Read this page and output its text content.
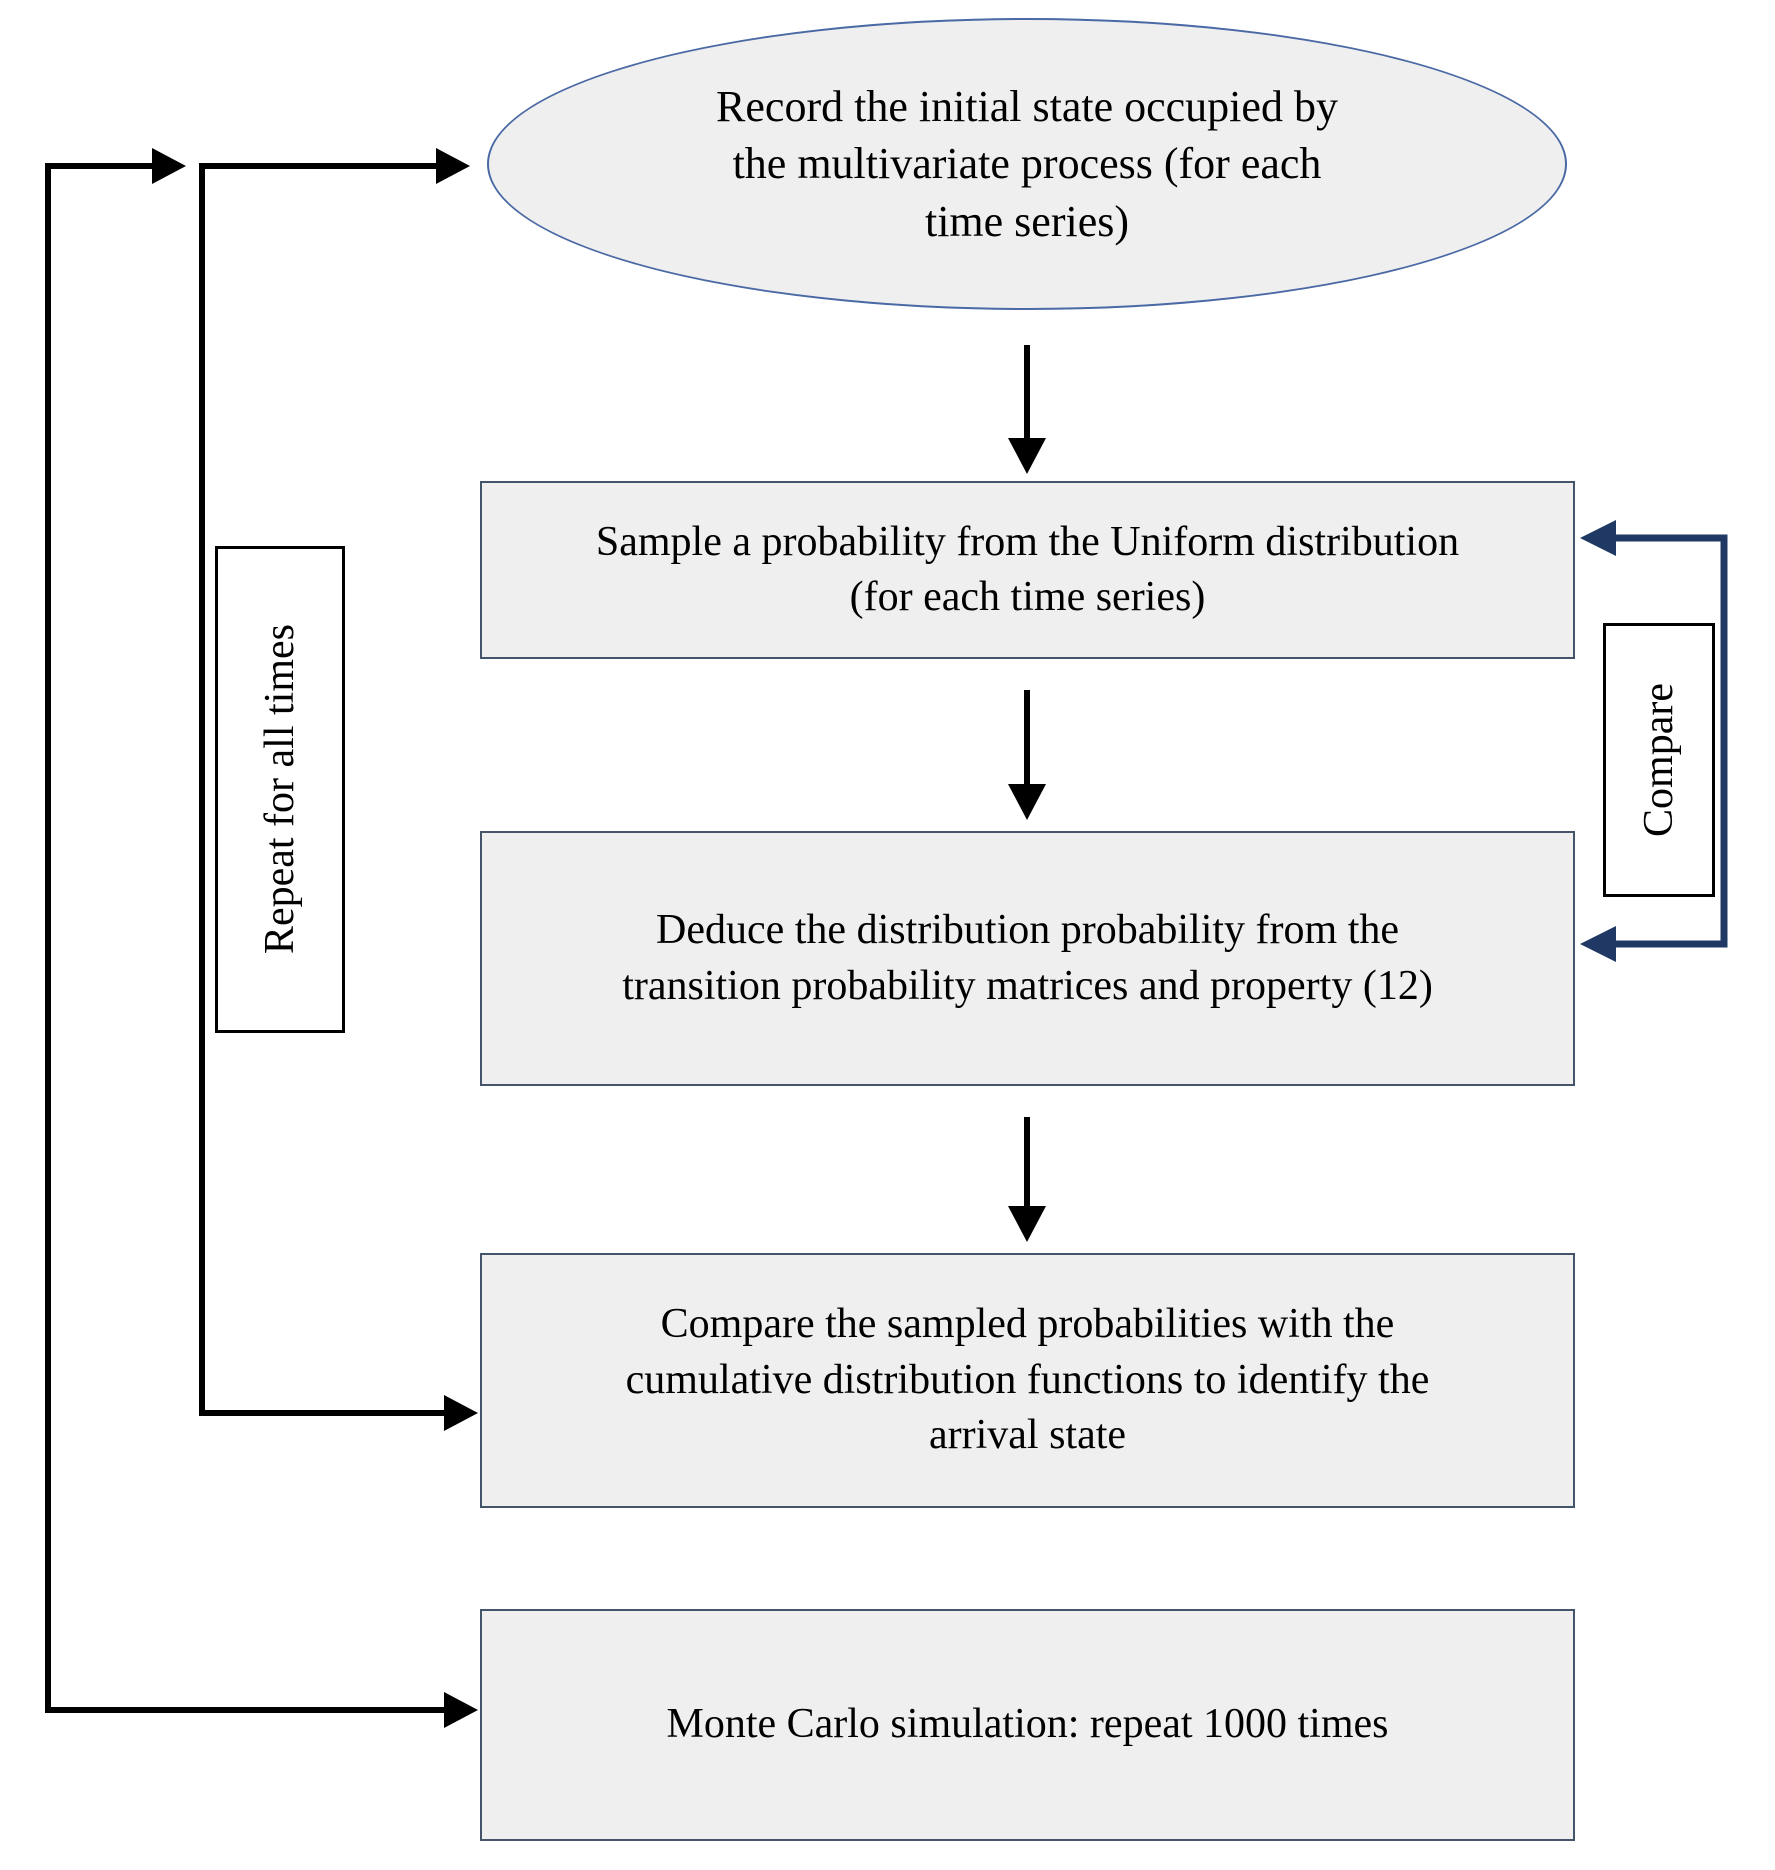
Record the initial state occupied by
the multivariate process (for each
time series)
Sample a probability from the Uniform distribution
(for each time series)
Deduce the distribution probability from the
transition probability matrices and property (12)
Compare the sampled probabilities with the
cumulative distribution functions to identify the
arrival state
Monte Carlo simulation: repeat 1000 times
Repeat for all times	Compare
